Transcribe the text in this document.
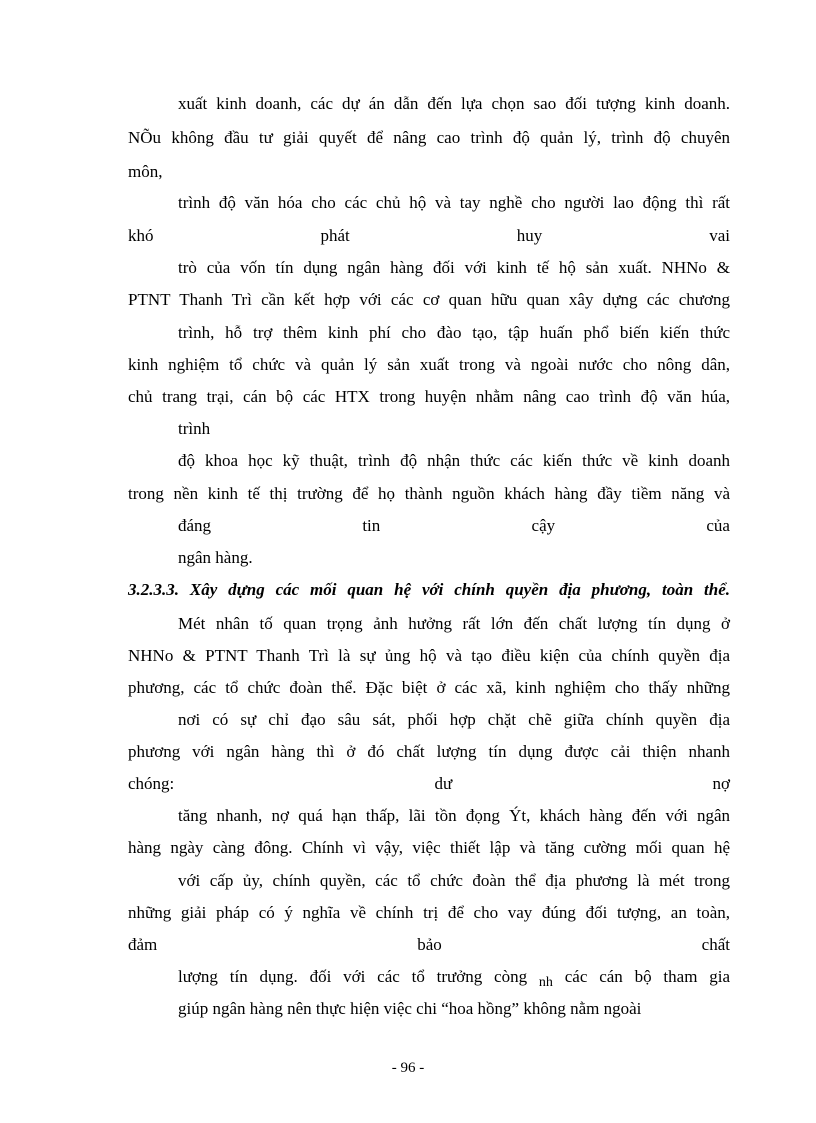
xuất kinh doanh, các dự án dẫn đến lựa chọn sao đối tượng kinh doanh.
NÕu không đầu tư giải quyết để nâng cao trình độ quản lý, trình độ chuyên
môn,
trình độ văn hóa cho các chủ hộ và tay nghề cho người lao động thì rất
khó	phát	huy	vai
trò của vốn tín dụng ngân hàng đối với kinh tế hộ sản xuất. NHNo &
PTNT Thanh Trì cần kết hợp với các cơ quan hữu quan xây dựng các chương
trình, hỗ trợ thêm kinh phí cho đào tạo, tập huấn phổ biến kiến thức
kinh nghiệm tổ chức và quản lý sản xuất trong và ngoài nước cho nông dân,
chủ trang trại, cán bộ các HTX trong huyện nhằm nâng cao trình độ văn húa,
trình
độ khoa học kỹ thuật, trình độ nhận thức các kiến thức về kinh doanh
trong nền kinh tế thị trường để họ thành nguồn khách hàng đầy tiềm năng và
đáng	tin	cậy	của
ngân hàng.
3.2.3.3. Xây dựng các mối quan hệ với chính quyền địa phương, toàn thể.
Mét nhân tố quan trọng ảnh hưởng rất lớn đến chất lượng tín dụng ở
NHNo & PTNT Thanh Trì là sự ủng hộ và tạo điều kiện của chính quyền địa
phương, các tổ chức đoàn thể. Đặc biệt ở các xã, kinh nghiệm cho thấy những
nơi có sự chỉ đạo sâu sát, phối hợp chặt chẽ giữa chính quyền địa
phương với ngân hàng thì ở đó chất lượng tín dụng được cải thiện nhanh
chóng:	dư	nợ
tăng nhanh, nợ quá hạn thấp, lãi tồn đọng Ýt, khách hàng đến với ngân
hàng ngày càng đông. Chính vì vậy, việc thiết lập và tăng cường mối quan hệ
với cấp ủy, chính quyền, các tổ chức đoàn thể địa phương là mét trong
những giải pháp có ý nghĩa về chính trị để cho vay đúng đối tượng, an toàn,
đảm	bảo	chất
lượng tín dụng. đối với các tổ trưởng còng $_{nh}$ các cán bộ tham gia
giúp ngân hàng nên thực hiện việc chi “hoa hồng” không nằm ngoài
- 96 -
